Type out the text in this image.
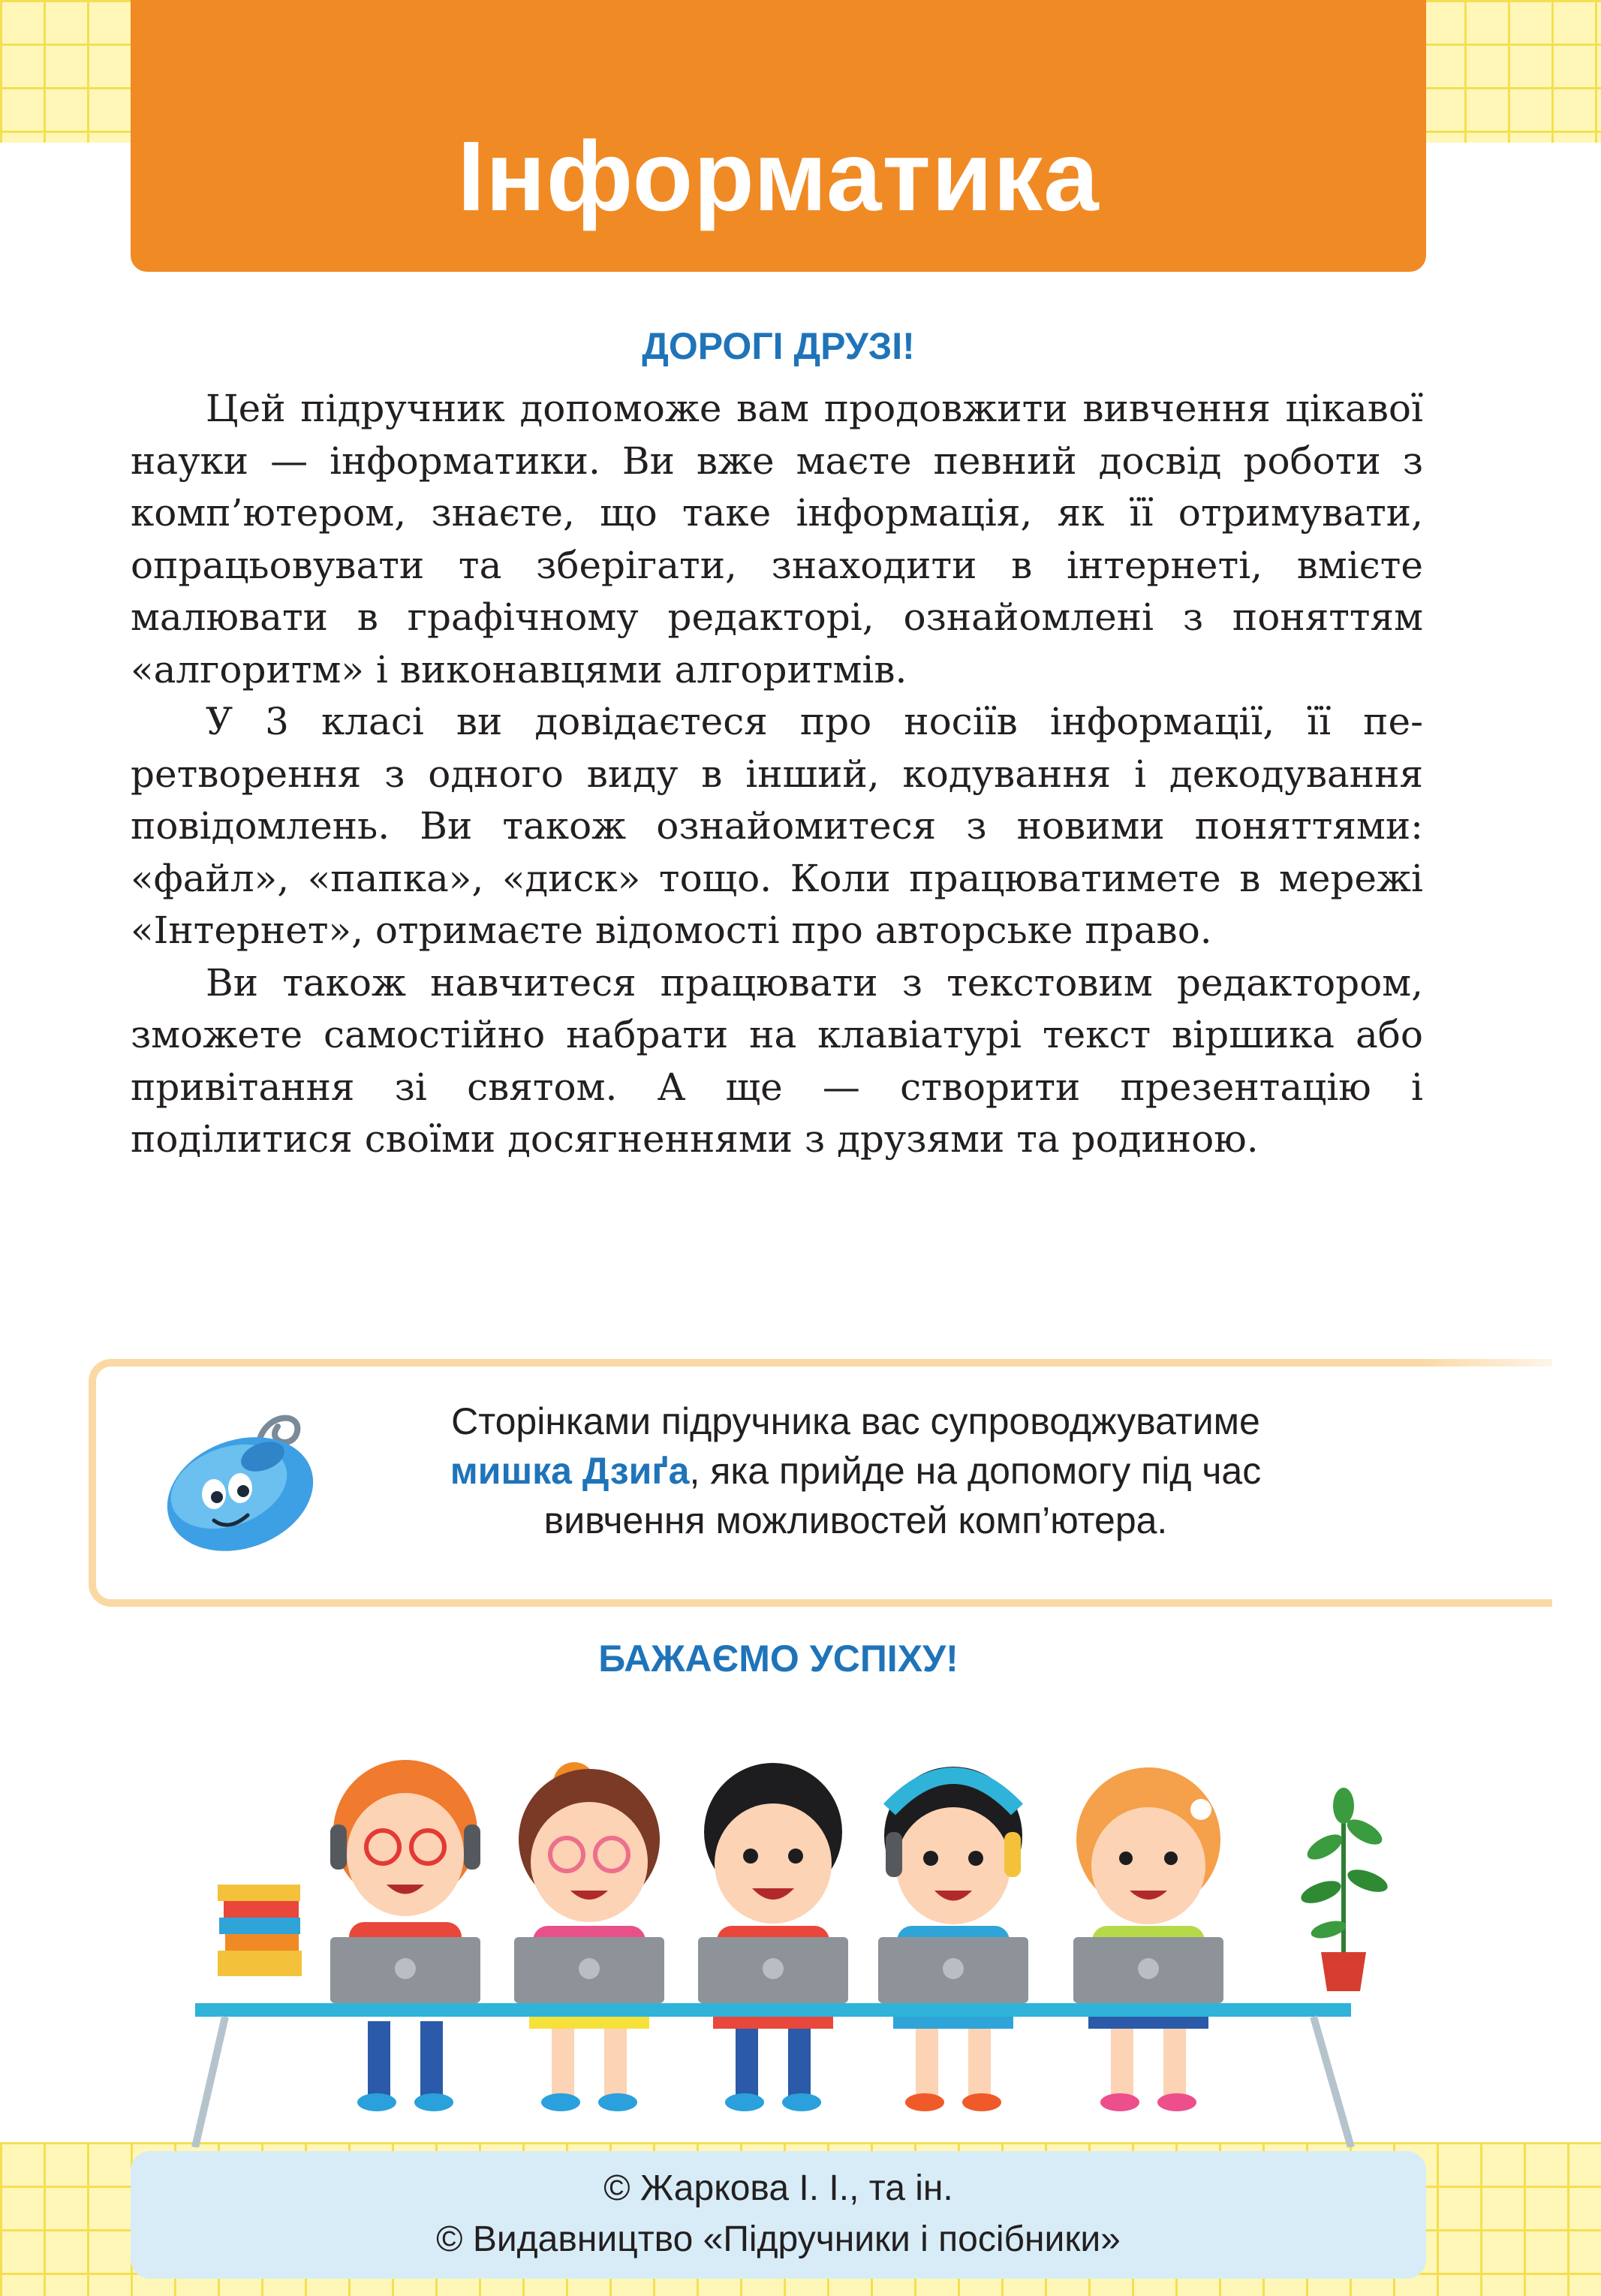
Інформатика
ДОРОГІ ДРУЗІ!

Цей підручник допоможе вам продовжити вивчення цікавої науки — інформатики. Ви вже маєте певний досвід роботи з комп’ютером, знаєте, що таке інформація, як її отримувати, опрацьовувати та зберігати, знаходити в інтернеті, вмієте малювати в графічному редакторі, ознайомлені з поняттям «алгоритм» і виконавцями алгоритмів.

У 3 класі ви довідаєтеся про носіїв інформації, її перетворення з одного виду в інший, кодування і декодування повідомлень. Ви також ознайомитеся з новими поняттями: «файл», «папка», «диск» тощо. Коли працюватимете в мережі «Інтернет», отримаєте відомості про авторське право.

Ви також навчитеся працювати з текстовим редактором, зможете самостійно набрати на клавіатурі текст віршика або привітання зі святом. А ще — створити презентацію і поділитися своїми досягненнями з друзями та родиною.

Сторінками підручника вас супроводжуватиме
мишка Дзиґа, яка прийде на допомогу під час
вивчення можливостей комп’ютера.
БАЖАЄМО УСПІХУ!
© Жаркова І. І., та ін.
© Видавництво «Підручники і посібники»
